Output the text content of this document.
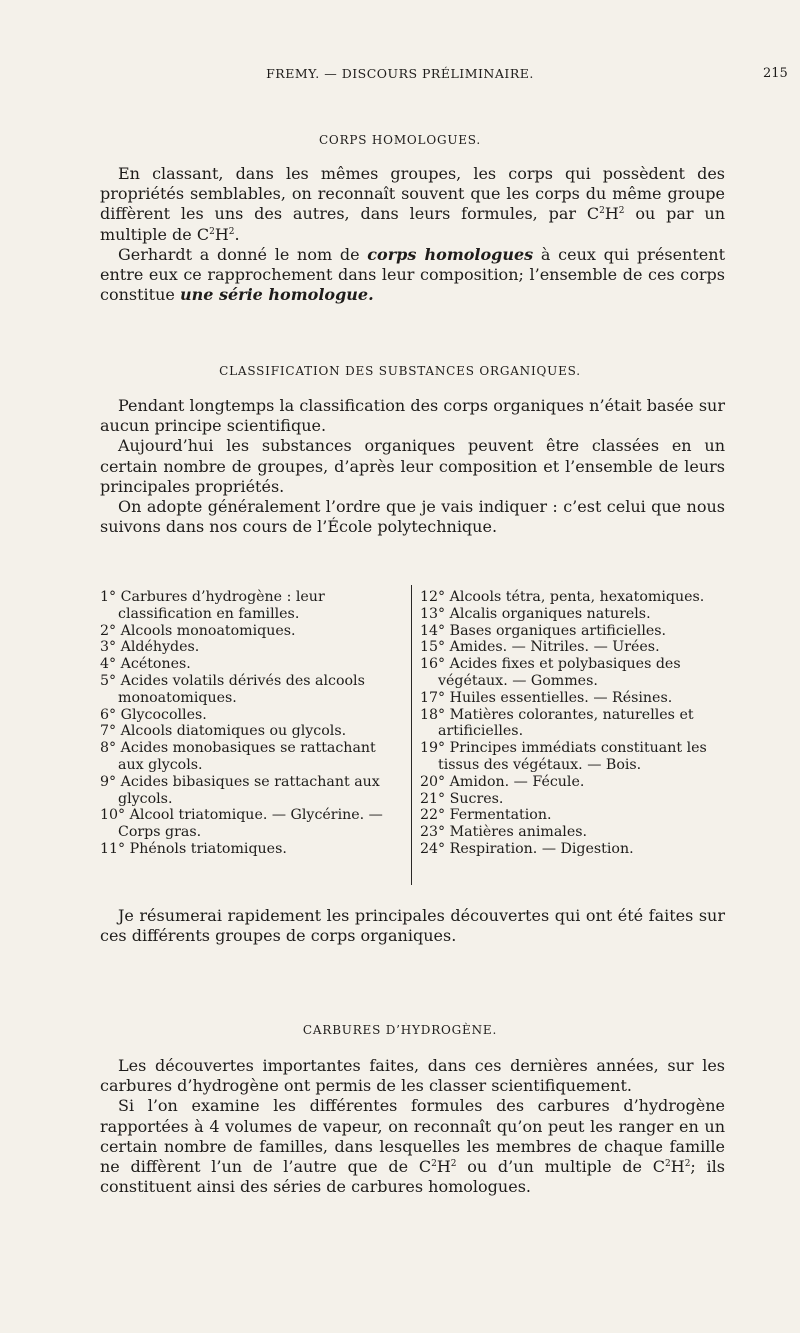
FREMY. — DISCOURS PRÉLIMINAIRE.	215
CORPS HOMOLOGUES.

En classant, dans les mêmes groupes, les corps qui possèdent des propriétés semblables, on reconnaît souvent que les corps du même groupe diffèrent les uns des autres, dans leurs formules, par $C^2H^2$ ou par un multiple de $C^2H^2$.

Gerhardt a donné le nom de corps homologues à ceux qui présentent entre eux ce rapprochement dans leur composition; l’ensemble de ces corps constitue une série homologue.

CLASSIFICATION DES SUBSTANCES ORGANIQUES.

Pendant longtemps la classification des corps organiques n’était basée sur aucun principe scientifique.

Aujourd’hui les substances organiques peuvent être classées en un certain nombre de groupes, d’après leur composition et l’ensemble de leurs principales propriétés.

On adopte généralement l’ordre que je vais indiquer : c’est celui que nous suivons dans nos cours de l’École polytechnique.

1° Carbures d’hydrogène : leur classification en familles.

2° Alcools monoatomiques.

3° Aldéhydes.

4° Acétones.

5° Acides volatils dérivés des alcools monoatomiques.

6° Glycocolles.

7° Alcools diatomiques ou glycols.

8° Acides monobasiques se rattachant aux glycols.

9° Acides bibasiques se rattachant aux glycols.

10° Alcool triatomique. — Glycérine. — Corps gras.

11° Phénols triatomiques.

12° Alcools tétra, penta, hexatomiques.

13° Alcalis organiques naturels.

14° Bases organiques artificielles.

15° Amides. — Nitriles. — Urées.

16° Acides fixes et polybasiques des végétaux. — Gommes.

17° Huiles essentielles. — Résines.

18° Matières colorantes, naturelles et artificielles.

19° Principes immédiats constituant les tissus des végétaux. — Bois.

20° Amidon. — Fécule.

21° Sucres.

22° Fermentation.

23° Matières animales.

24° Respiration. — Digestion.

Je résumerai rapidement les principales découvertes qui ont été faites sur ces différents groupes de corps organiques.

CARBURES D’HYDROGÈNE.

Les découvertes importantes faites, dans ces dernières années, sur les carbures d’hydrogène ont permis de les classer scientifiquement.

Si l’on examine les différentes formules des carbures d’hydrogène rapportées à 4 volumes de vapeur, on reconnaît qu’on peut les ranger en un certain nombre de familles, dans lesquelles les membres de chaque famille ne diffèrent l’un de l’autre que de $C^2H^2$ ou d’un multiple de $C^2H^2$; ils constituent ainsi des séries de carbures homologues.
